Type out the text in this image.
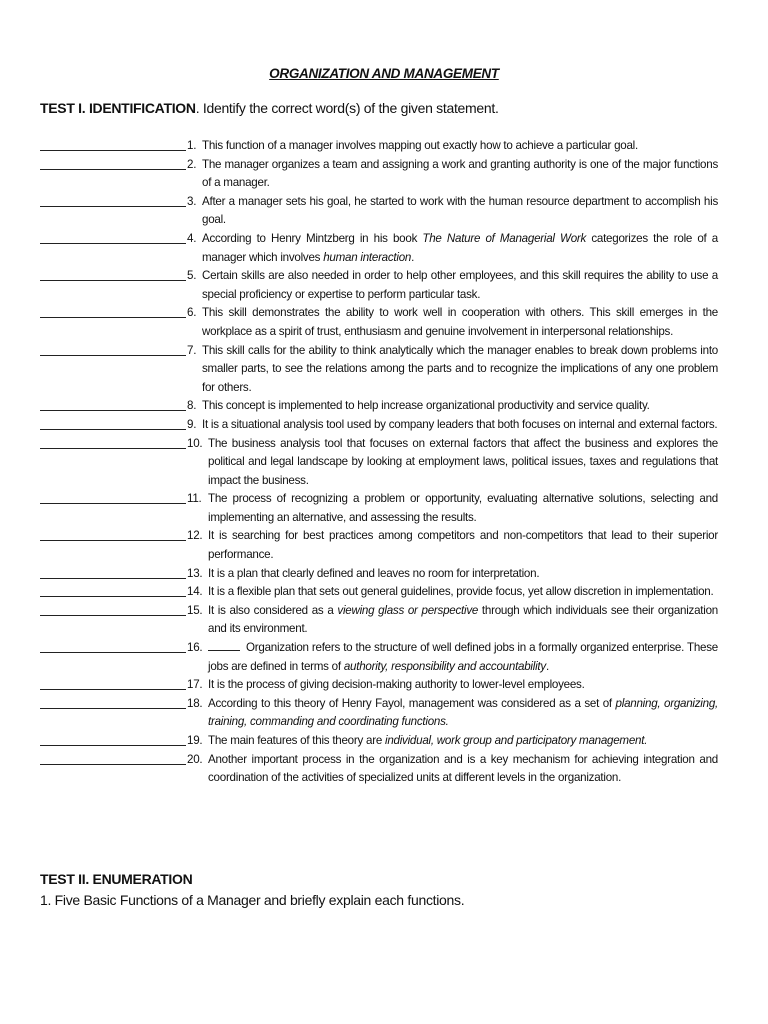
ORGANIZATION AND MANAGEMENT
TEST I. IDENTIFICATION. Identify the correct word(s) of the given statement.
1. This function of a manager involves mapping out exactly how to achieve a particular goal.
2. The manager organizes a team and assigning a work and granting authority is one of the major functions of a manager.
3. After a manager sets his goal, he started to work with the human resource department to accomplish his goal.
4. According to Henry Mintzberg in his book The Nature of Managerial Work categorizes the role of a manager which involves human interaction.
5. Certain skills are also needed in order to help other employees, and this skill requires the ability to use a special proficiency or expertise to perform particular task.
6. This skill demonstrates the ability to work well in cooperation with others. This skill emerges in the workplace as a spirit of trust, enthusiasm and genuine involvement in interpersonal relationships.
7. This skill calls for the ability to think analytically which the manager enables to break down problems into smaller parts, to see the relations among the parts and to recognize the implications of any one problem for others.
8. This concept is implemented to help increase organizational productivity and service quality.
9. It is a situational analysis tool used by company leaders that both focuses on internal and external factors.
10. The business analysis tool that focuses on external factors that affect the business and explores the political and legal landscape by looking at employment laws, political issues, taxes and regulations that impact the business.
11. The process of recognizing a problem or opportunity, evaluating alternative solutions, selecting and implementing an alternative, and assessing the results.
12. It is searching for best practices among competitors and non-competitors that lead to their superior performance.
13. It is a plan that clearly defined and leaves no room for interpretation.
14. It is a flexible plan that sets out general guidelines, provide focus, yet allow discretion in implementation.
15. It is also considered as a viewing glass or perspective through which individuals see their organization and its environment.
16.	Organization refers to the structure of well defined jobs in a formally organized enterprise. These jobs are defined in terms of authority, responsibility and accountability.
17. It is the process of giving decision-making authority to lower-level employees.
18. According to this theory of Henry Fayol, management was considered as a set of planning, organizing, training, commanding and coordinating functions.
19. The main features of this theory are individual, work group and participatory management.
20. Another important process in the organization and is a key mechanism for achieving integration and coordination of the activities of specialized units at different levels in the organization.
TEST II. ENUMERATION
1. Five Basic Functions of a Manager and briefly explain each functions.
